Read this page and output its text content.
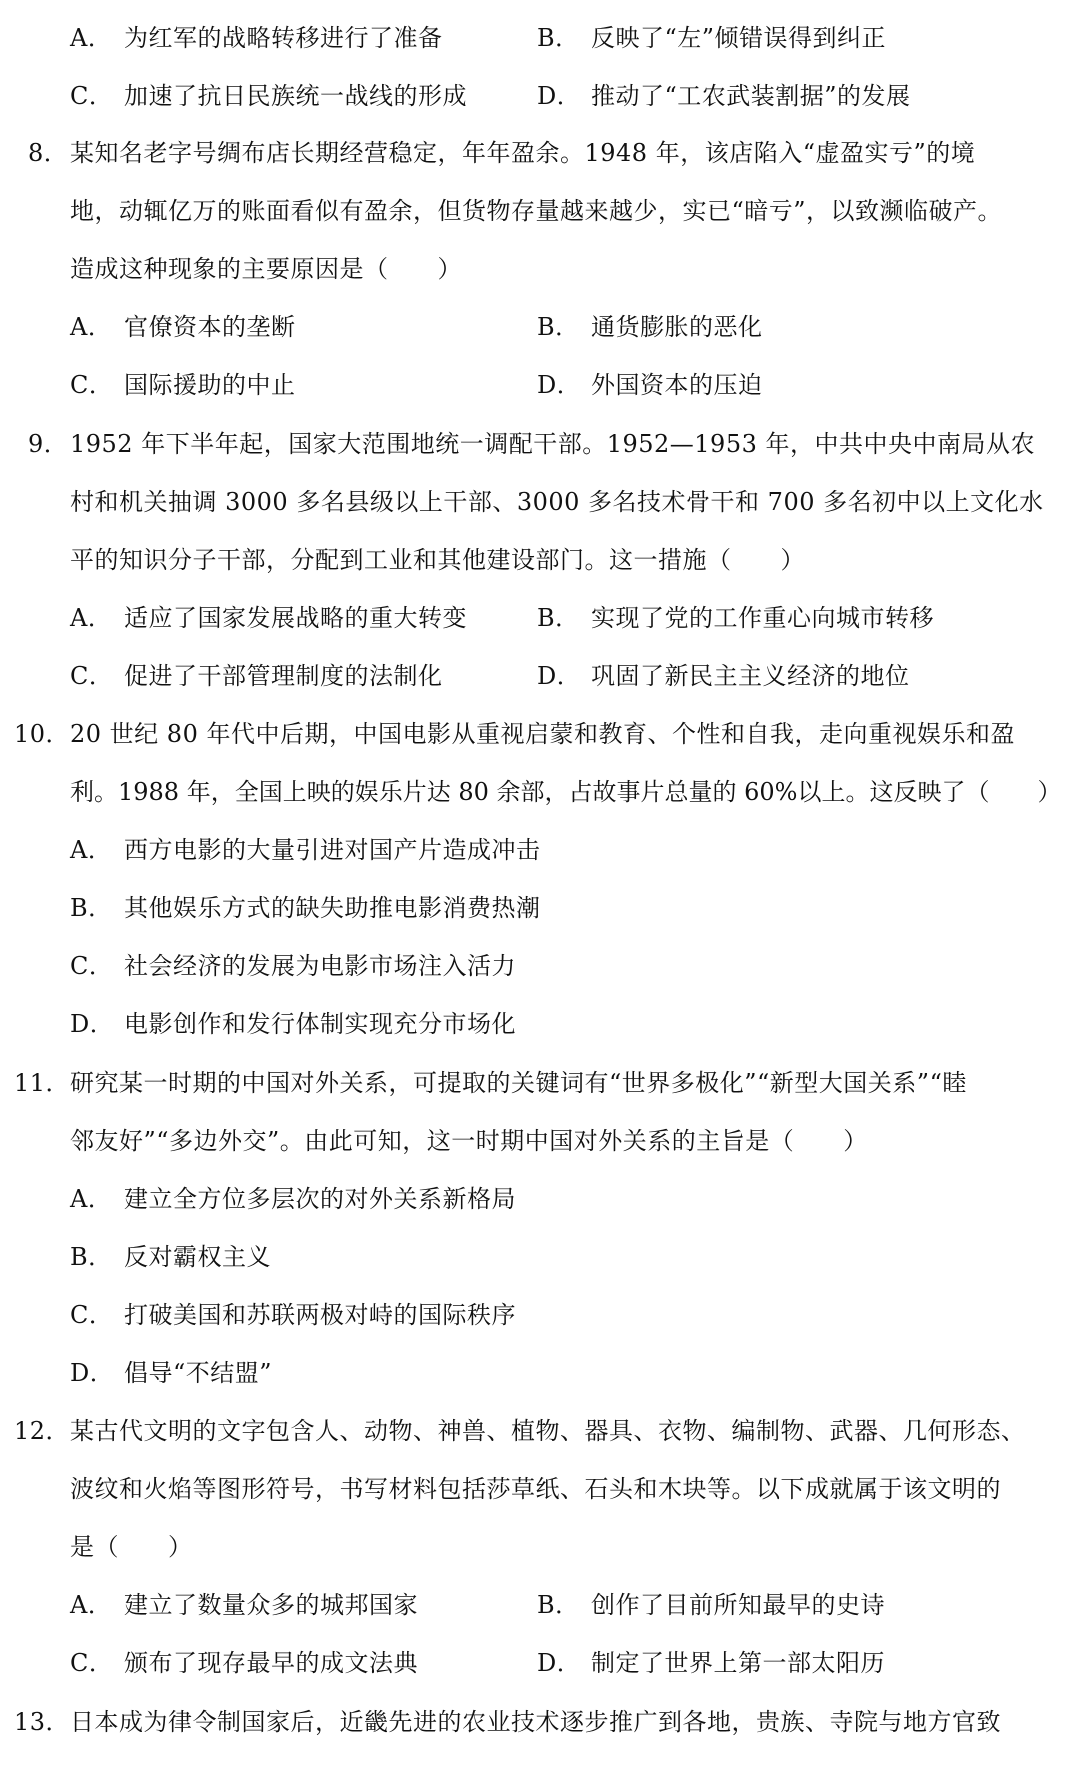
A． 为红军的战略转移进行了准备	B． 反映了“左”倾错误得到纠正
C． 加速了抗日民族统一战线的形成	D． 推动了“工农武装割据”的发展
8． 某知名老字号绸布店长期经营稳定，年年盈余。1948 年，该店陷入“虚盈实亏”的境
地，动辄亿万的账面看似有盈余，但货物存量越来越少，实已“暗亏”，以致濒临破产。
造成这种现象的主要原因是（　　）
A． 官僚资本的垄断	B． 通货膨胀的恶化
C． 国际援助的中止	D． 外国资本的压迫
9． 1952 年下半年起，国家大范围地统一调配干部。1952—1953 年，中共中央中南局从农
村和机关抽调 3000 多名县级以上干部、3000 多名技术骨干和 700 多名初中以上文化水
平的知识分子干部，分配到工业和其他建设部门。这一措施（　　）
A． 适应了国家发展战略的重大转变	B． 实现了党的工作重心向城市转移
C． 促进了干部管理制度的法制化	D． 巩固了新民主主义经济的地位
10． 20 世纪 80 年代中后期，中国电影从重视启蒙和教育、个性和自我，走向重视娱乐和盈
利。1988 年，全国上映的娱乐片达 80 余部，占故事片总量的 60%以上。这反映了（　　）
A． 西方电影的大量引进对国产片造成冲击
B． 其他娱乐方式的缺失助推电影消费热潮
C． 社会经济的发展为电影市场注入活力
D． 电影创作和发行体制实现充分市场化
11． 研究某一时期的中国对外关系，可提取的关键词有“世界多极化”“新型大国关系”“睦
邻友好”“多边外交”。由此可知，这一时期中国对外关系的主旨是（　　）
A． 建立全方位多层次的对外关系新格局
B． 反对霸权主义
C． 打破美国和苏联两极对峙的国际秩序
D． 倡导“不结盟”
12． 某古代文明的文字包含人、动物、神兽、植物、器具、衣物、编制物、武器、几何形态、
波纹和火焰等图形符号，书写材料包括莎草纸、石头和木块等。以下成就属于该文明的
是（　　）
A． 建立了数量众多的城邦国家	B． 创作了目前所知最早的史诗
C． 颁布了现存最早的成文法典	D． 制定了世界上第一部太阳历
13． 日本成为律令制国家后，近畿先进的农业技术逐步推广到各地，贵族、寺院与地方官致
